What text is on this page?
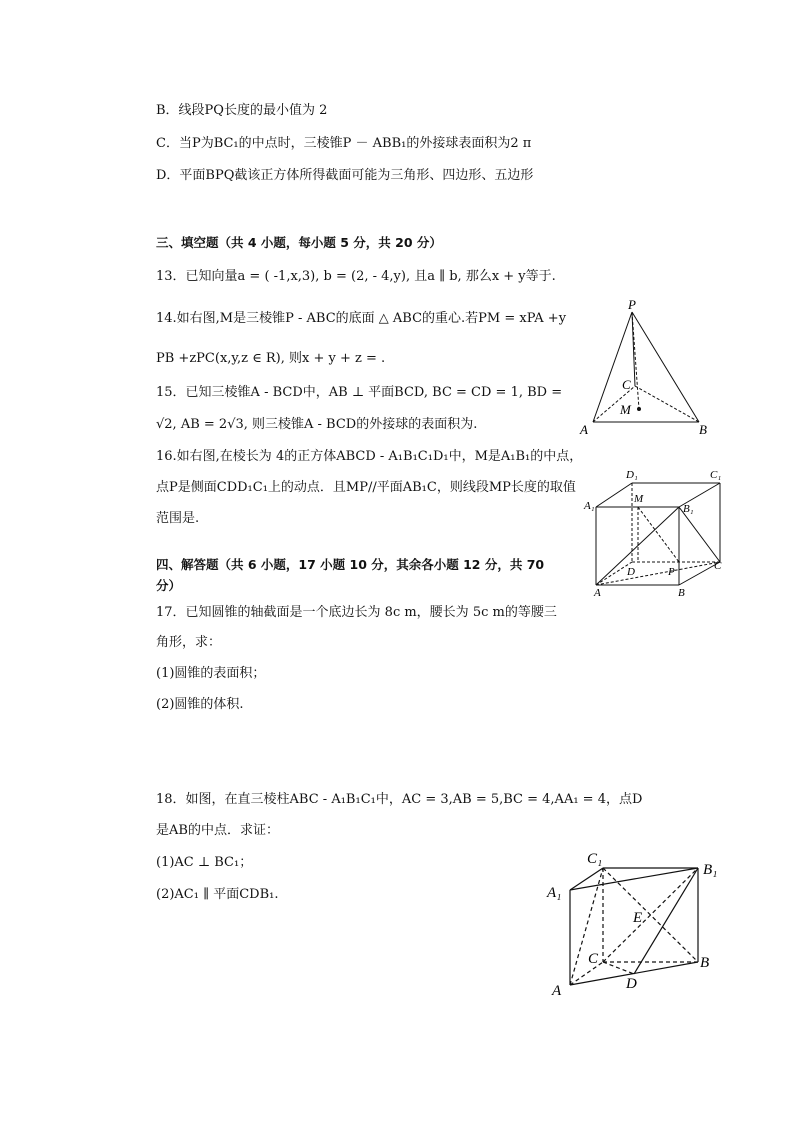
B．线段PQ长度的最小值为 2
C．当P为BC₁的中点时，三棱锥P － ABB₁的外接球表面积为2 π
D．平面BPQ截该正方体所得截面可能为三角形、四边形、五边形
三、填空题（共 4 小题，每小题 5 分，共 20 分）
13．已知向量a = ( -1,x,3), b = (2, - 4,y), 且a ∥ b, 那么x + y等于.
14.如右图,M是三棱锥P - ABC的底面 △ ABC的重心.若PM = xPA +y
PB +zPC(x,y,z ∈ R), 则x + y + z = .
15．已知三棱锥A - BCD中，AB ⊥ 平面BCD, BC = CD = 1, BD =
√2, AB = 2√3, 则三棱锥A - BCD的外接球的表面积为.
16.如右图,在棱长为 4的正方体ABCD - A₁B₁C₁D₁中，M是A₁B₁的中点，
点P是侧面CDD₁C₁上的动点．且MP//平面AB₁C，则线段MP长度的取值
范围是.
四、解答题（共 6 小题，17 小题 10 分，其余各小题 12 分，共 70
分）
17．已知圆锥的轴截面是一个底边长为 8c m，腰长为 5c m的等腰三
角形，求：
(1)圆锥的表面积；
(2)圆锥的体积.
18．如图，在直三棱柱ABC - A₁B₁C₁中，AC = 3,AB = 5,BC = 4,AA₁ = 4，点D
是AB的中点．求证：
(1)AC ⊥ BC₁；
(2)AC₁ ∥ 平面CDB₁.
P
C
M
A	B
D₁	C₁
A₁
M
B₁
D	P	C
A	B
C₁
B₁
A₁
E
C	B
A	D
